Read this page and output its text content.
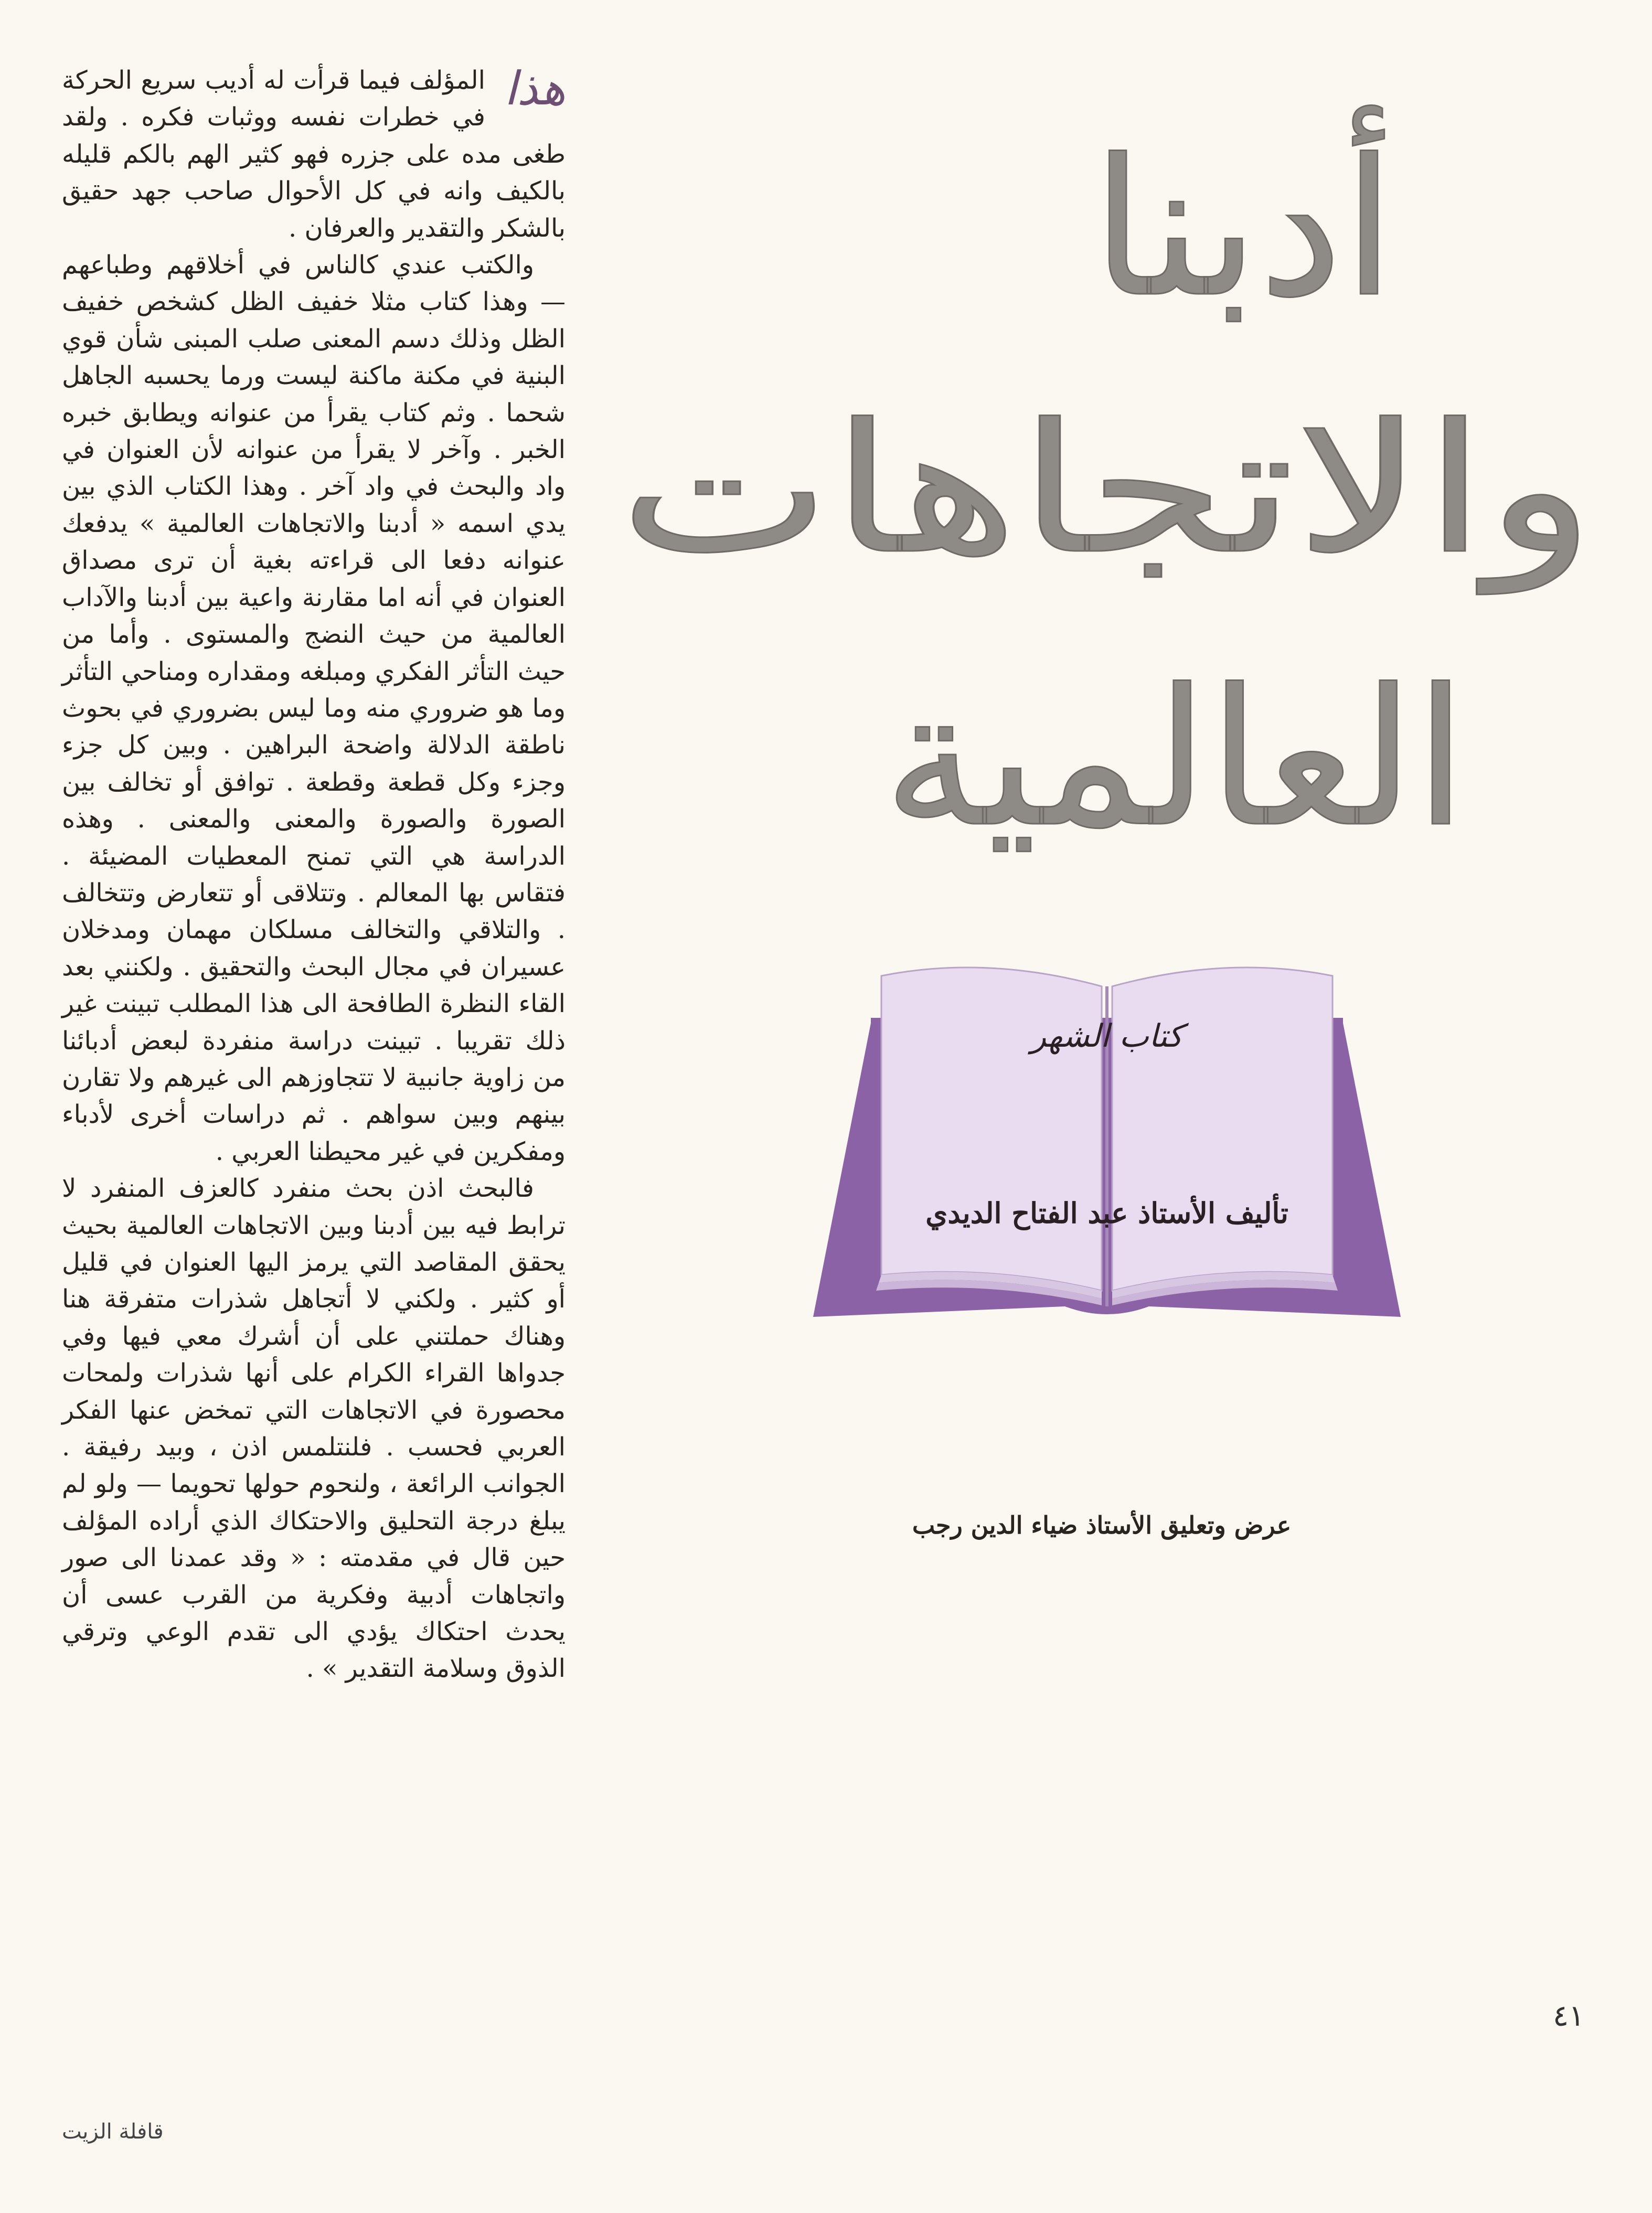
هذا

المؤلف فيما قرأت له أديب سريع الحركة في خطرات نفسه ووثبات فكره . ولقد طغى مده على جزره فهو كثير الهم بالكم قليله بالكيف وانه في كل الأحوال صاحب جهد حقيق بالشكر والتقدير والعرفان .

والكتب عندي كالناس في أخلاقهم وطباعهم — وهذا كتاب مثلا خفيف الظل كشخص خفيف الظل وذلك دسم المعنى صلب المبنى شأن قوي البنية في مكنة ماكنة ليست ورما يحسبه الجاهل شحما . وثم كتاب يقرأ من عنوانه ويطابق خبره الخبر . وآخر لا يقرأ من عنوانه لأن العنوان في واد والبحث في واد آخر . وهذا الكتاب الذي بين يدي اسمه « أدبنا والاتجاهات العالمية » يدفعك عنوانه دفعا الى قراءته بغية أن ترى مصداق العنوان في أنه اما مقارنة واعية بين أدبنا والآداب العالمية من حيث النضج والمستوى . وأما من حيث التأثر الفكري ومبلغه ومقداره ومناحي التأثر وما هو ضروري منه وما ليس بضروري في بحوث ناطقة الدلالة واضحة البراهين . وبين كل جزء وجزء وكل قطعة وقطعة . توافق أو تخالف بين الصورة والصورة والمعنى والمعنى . وهذه الدراسة هي التي تمنح المعطيات المضيئة . فتقاس بها المعالم . وتتلاقى أو تتعارض وتتخالف . والتلاقي والتخالف مسلكان مهمان ومدخلان عسيران في مجال البحث والتحقيق . ولكنني بعد القاء النظرة الطافحة الى هذا المطلب تبينت غير ذلك تقريبا . تبينت دراسة منفردة لبعض أدبائنا من زاوية جانبية لا تتجاوزهم الى غيرهم ولا تقارن بينهم وبين سواهم . ثم دراسات أخرى لأدباء ومفكرين في غير محيطنا العربي .

فالبحث اذن بحث منفرد كالعزف المنفرد لا ترابط فيه بين أدبنا وبين الاتجاهات العالمية بحيث يحقق المقاصد التي يرمز اليها العنوان في قليل أو كثير . ولكني لا أتجاهل شذرات متفرقة هنا وهناك حملتني على أن أشرك معي فيها وفي جدواها القراء الكرام على أنها شذرات ولمحات محصورة في الاتجاهات التي تمخض عنها الفكر العربي فحسب . فلنتلمس اذن ، وبيد رفيقة . الجوانب الرائعة ، ولنحوم حولها تحويما — ولو لم يبلغ درجة التحليق والاحتكاك الذي أراده المؤلف حين قال في مقدمته : « وقد عمدنا الى صور واتجاهات أدبية وفكرية من القرب عسى أن يحدث احتكاك يؤدي الى تقدم الوعي وترقي الذوق وسلامة التقدير » .

أدبنا
والاتجاهات
العالمية
كتاب الشهر
تأليف الأستاذ عبد الفتاح الديدي
عرض وتعليق الأستاذ ضياء الدين رجب
٤١
قافلة الزيت
